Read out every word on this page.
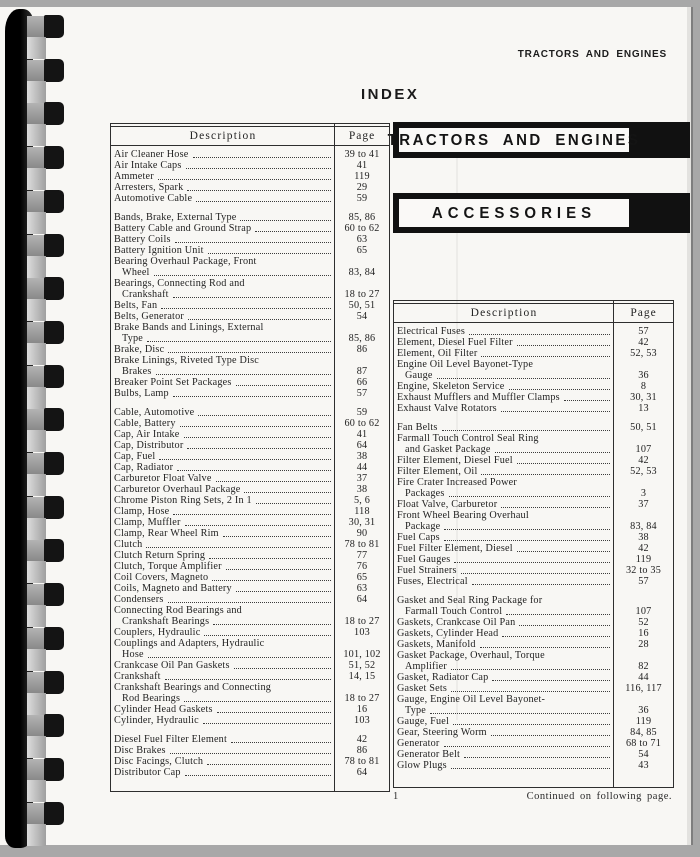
TRACTORS AND ENGINES
INDEX
TRACTORS AND ENGINES
ACCESSORIES
Description	Page
Air Cleaner Hose	39 to 41
Air Intake Caps	41
Ammeter	119
Arresters, Spark	29
Automotive Cable	59
Bands, Brake, External Type	85, 86
Battery Cable and Ground Strap	60 to 62
Battery Coils	63
Battery Ignition Unit	65
Bearing Overhaul Package, Front
Wheel	83, 84
Bearings, Connecting Rod and
Crankshaft	18 to 27
Belts, Fan	50, 51
Belts, Generator	54
Brake Bands and Linings, External
Type	85, 86
Brake, Disc	86
Brake Linings, Riveted Type Disc
Brakes	87
Breaker Point Set Packages	66
Bulbs, Lamp	57
Cable, Automotive	59
Cable, Battery	60 to 62
Cap, Air Intake	41
Cap, Distributor	64
Cap, Fuel	38
Cap, Radiator	44
Carburetor Float Valve	37
Carburetor Overhaul Package	38
Chrome Piston Ring Sets, 2 In 1	5, 6
Clamp, Hose	118
Clamp, Muffler	30, 31
Clamp, Rear Wheel Rim	90
Clutch	78 to 81
Clutch Return Spring	77
Clutch, Torque Amplifier	76
Coil Covers, Magneto	65
Coils, Magneto and Battery	63
Condensers	64
Connecting Rod Bearings and
Crankshaft Bearings	18 to 27
Couplers, Hydraulic	103
Couplings and Adapters, Hydraulic
Hose	101, 102
Crankcase Oil Pan Gaskets	51, 52
Crankshaft	14, 15
Crankshaft Bearings and Connecting
Rod Bearings	18 to 27
Cylinder Head Gaskets	16
Cylinder, Hydraulic	103
Diesel Fuel Filter Element	42
Disc Brakes	86
Disc Facings, Clutch	78 to 81
Distributor Cap	64
Description	Page
Electrical Fuses	57
Element, Diesel Fuel Filter	42
Element, Oil Filter	52, 53
Engine Oil Level Bayonet-Type
Gauge	36
Engine, Skeleton Service	8
Exhaust Mufflers and Muffler Clamps	30, 31
Exhaust Valve Rotators	13
Fan Belts	50, 51
Farmall Touch Control Seal Ring
and Gasket Package	107
Filter Element, Diesel Fuel	42
Filter Element, Oil	52, 53
Fire Crater Increased Power
Packages	3
Float Valve, Carburetor	37
Front Wheel Bearing Overhaul
Package	83, 84
Fuel Caps	38
Fuel Filter Element, Diesel	42
Fuel Gauges	119
Fuel Strainers	32 to 35
Fuses, Electrical	57
Gasket and Seal Ring Package for
Farmall Touch Control	107
Gaskets, Crankcase Oil Pan	52
Gaskets, Cylinder Head	16
Gaskets, Manifold	28
Gasket Package, Overhaul, Torque
Amplifier	82
Gasket, Radiator Cap	44
Gasket Sets	116, 117
Gauge, Engine Oil Level Bayonet-
Type	36
Gauge, Fuel	119
Gear, Steering Worm	84, 85
Generator	68 to 71
Generator Belt	54
Glow Plugs	43
1	Continued on following page.
